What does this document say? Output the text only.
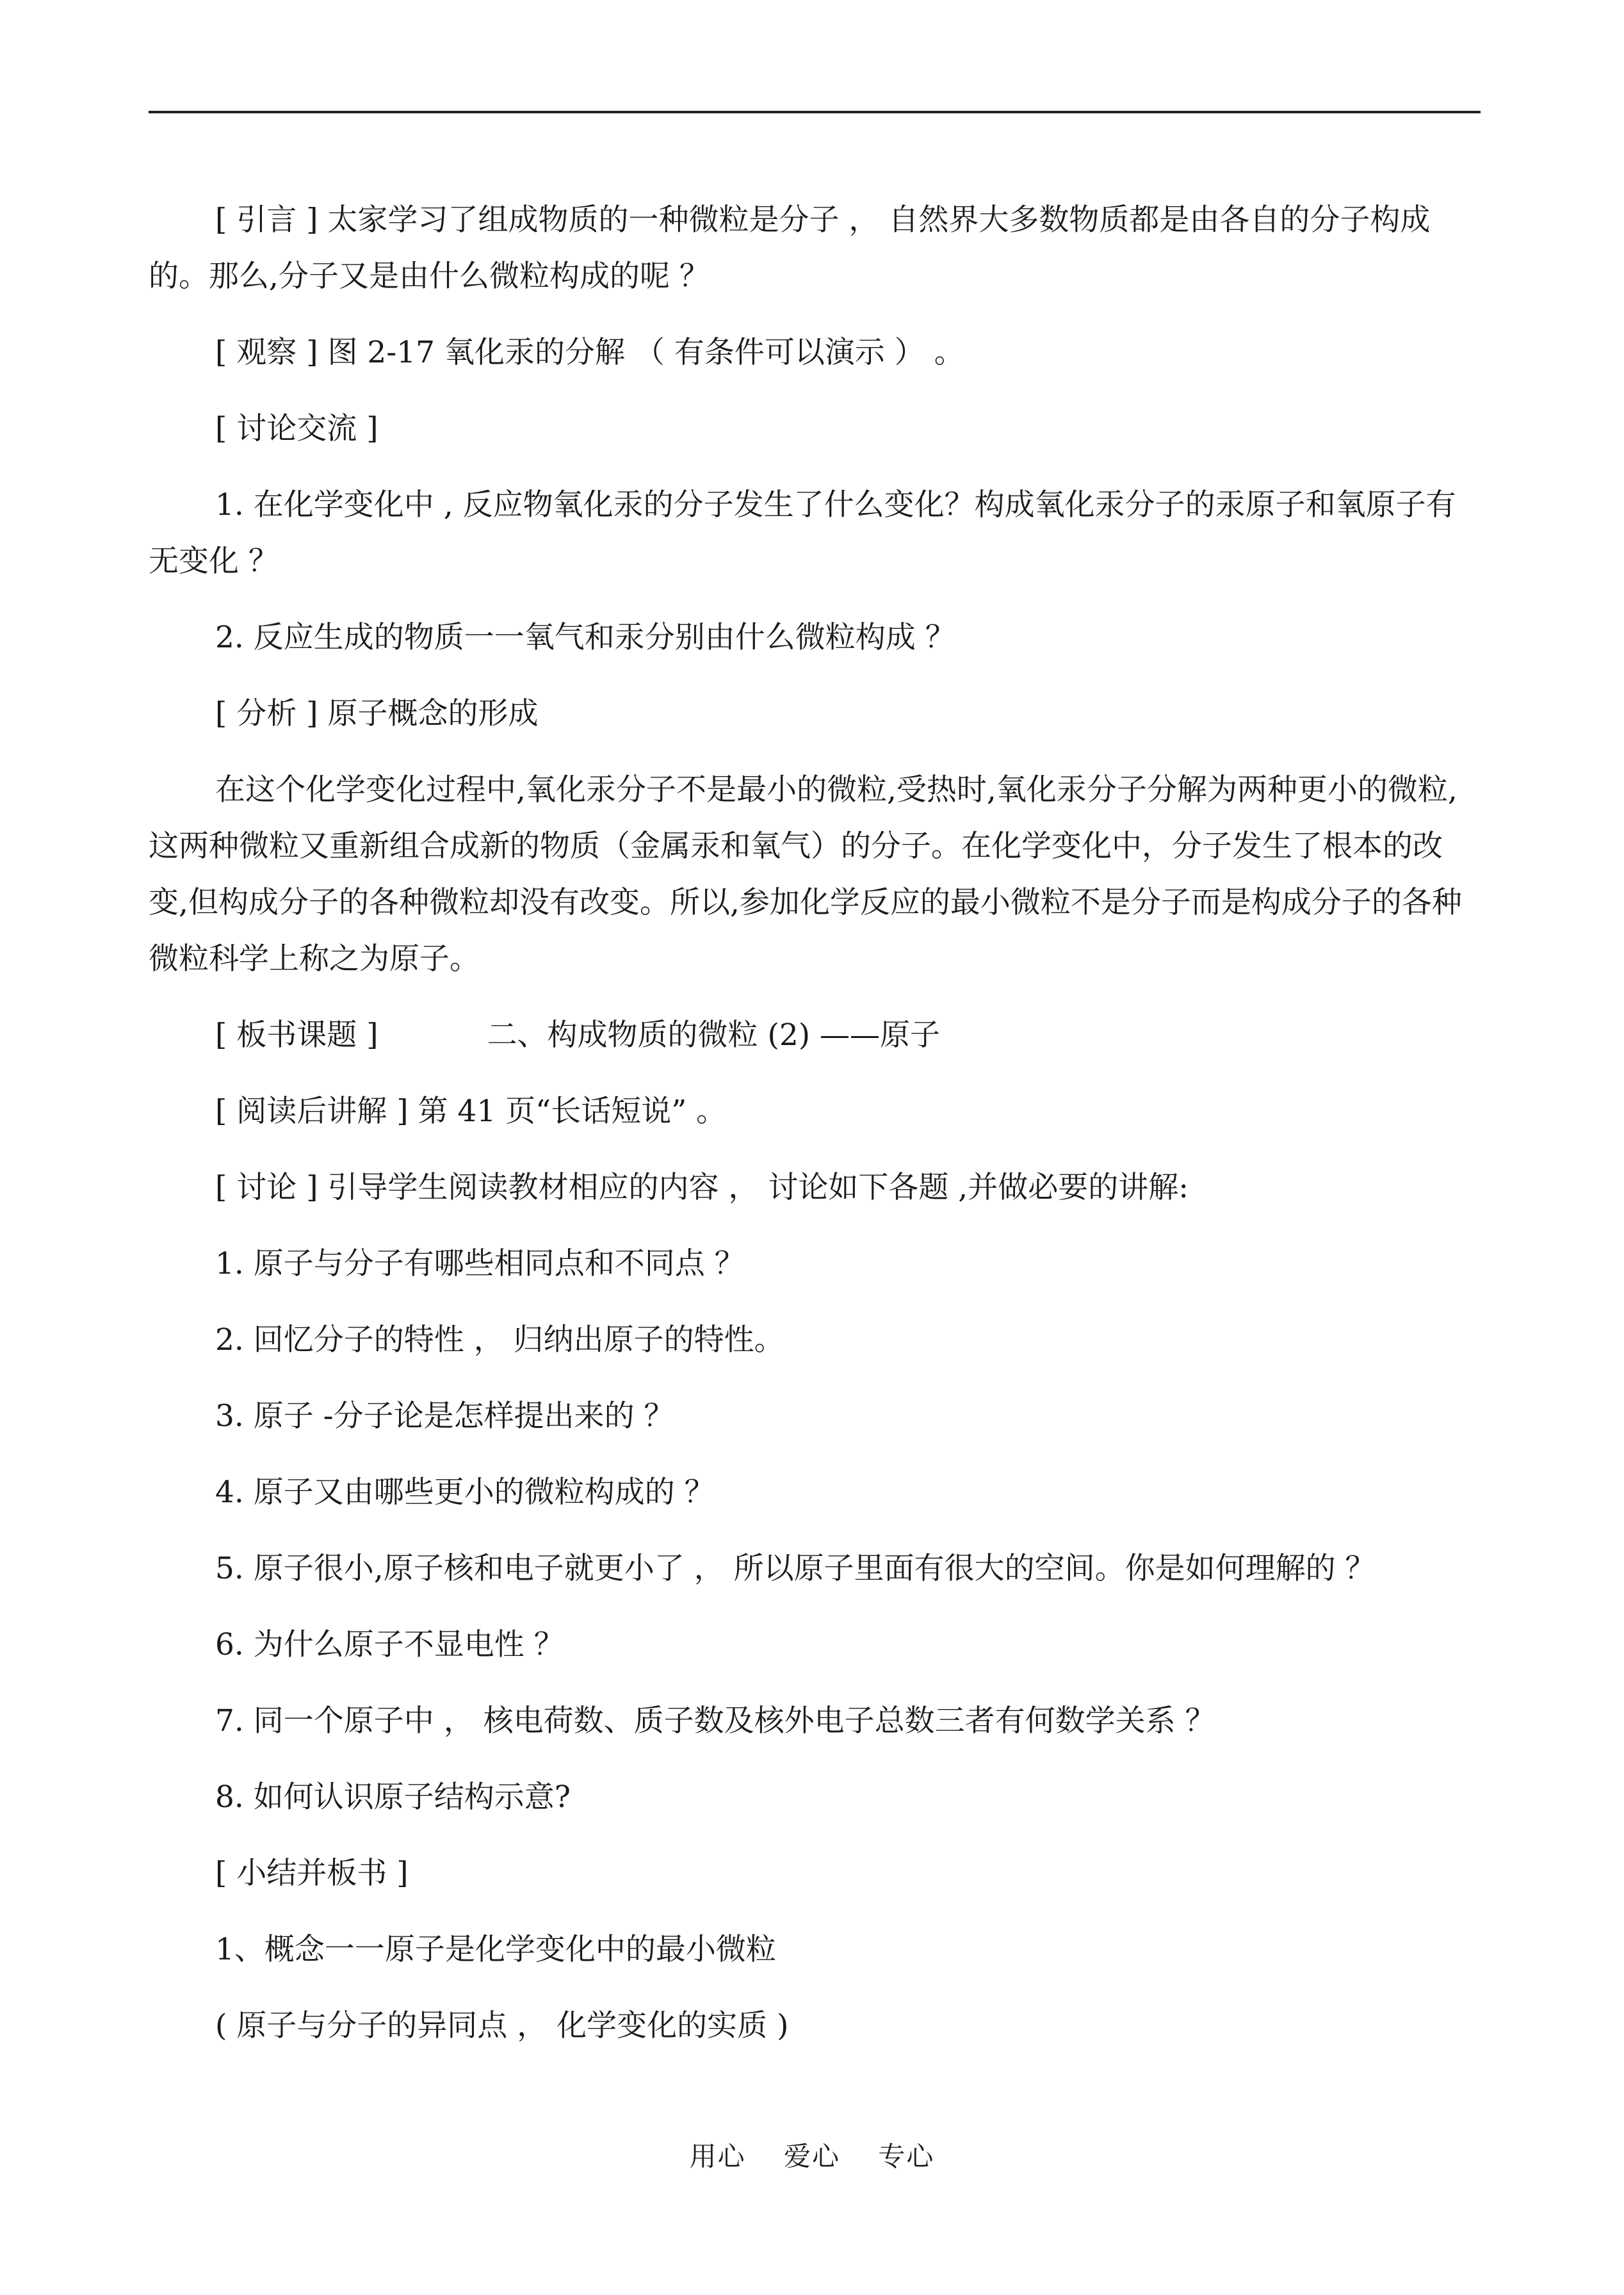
[ 引言 ] 太家学习了组成物质的一种微粒是分子 ， 自然界大多数物质都是由各自的分子构成的。那么,分子又是由什么微粒构成的呢 ？

[ 观察 ] 图 2-17 氧化汞的分解 （ 有条件可以演示 ） 。

[ 讨论交流 ]

1. 在化学变化中 , 反应物氧化汞的分子发生了什么变化？构成氧化汞分子的汞原子和氧原子有无变化 ？

2. 反应生成的物质一一氧气和汞分别由什么微粒构成 ？

[ 分析 ] 原子概念的形成

在这个化学变化过程中,氧化汞分子不是最小的微粒,受热时,氧化汞分子分解为两种更小的微粒,这两种微粒又重新组合成新的物质（金属汞和氧气）的分子。在化学变化中，分子发生了根本的改变,但构成分子的各种微粒却没有改变。所以,参加化学反应的最小微粒不是分子而是构成分子的各种微粒科学上称之为原子。

[ 板书课题 ]	二、构成物质的微粒 (2) ——原子

[ 阅读后讲解 ] 第 41 页“长话短说” 。

[ 讨论 ] 引导学生阅读教材相应的内容 ， 讨论如下各题 ,并做必要的讲解:

1. 原子与分子有哪些相同点和不同点 ？

2. 回忆分子的特性 ， 归纳出原子的特性。

3. 原子 -分子论是怎样提出来的 ？

4. 原子又由哪些更小的微粒构成的 ？

5. 原子很小,原子核和电子就更小了 ， 所以原子里面有很大的空间。你是如何理解的 ？

6. 为什么原子不显电性 ？

7. 同一个原子中 ， 核电荷数、质子数及核外电子总数三者有何数学关系 ？

8. 如何认识原子结构示意?

[ 小结并板书 ]

1、概念一一原子是化学变化中的最小微粒

( 原子与分子的异同点 ， 化学变化的实质 )

用心 爱心 专心
